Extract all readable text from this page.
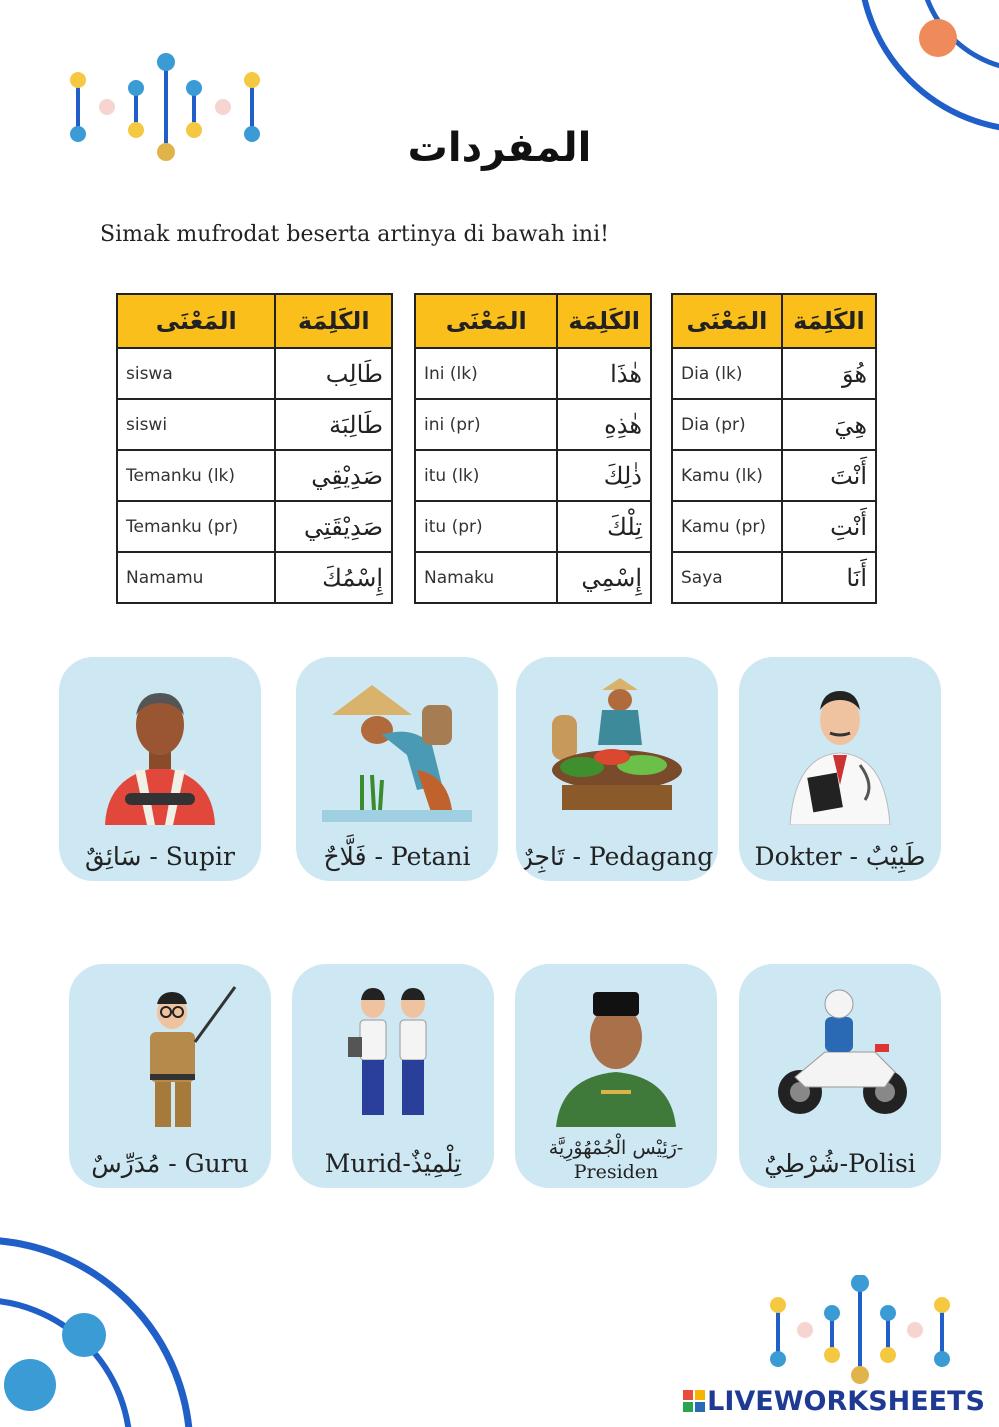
المفردات
Simak mufrodat beserta artinya di bawah ini!
المَعْنَى	الكَلِمَة
siswa	طَالِب
siswi	طَالِبَة
Temanku (lk)	صَدِيْقِي
Temanku (pr)	صَدِيْقَتِي
Namamu	إِسْمُكَ
المَعْنَى	الكَلِمَة
Ini (lk)	هٰذَا
ini (pr)	هٰذِهِ
itu (lk)	ذٰلِكَ
itu (pr)	تِلْكَ
Namaku	إِسْمِي
المَعْنَى	الكَلِمَة
Dia (lk)	هُوَ
Dia (pr)	هِيَ
Kamu (lk)	أَنْتَ
Kamu (pr)	أَنْتِ
Saya	أَنَا
سَائِقٌ - Supir	فَلَّاحٌ - Petani	تَاجِرٌ - Pedagang	Dokter - طَبِيْبٌ
مُدَرِّسٌ - Guru	Murid-تِلْمِيْذٌ
رَئِيْس الْجُمْهُوْرِيَّة-
Presiden	شُرْطِيٌ-Polisi
LIVEWORKSHEETS
